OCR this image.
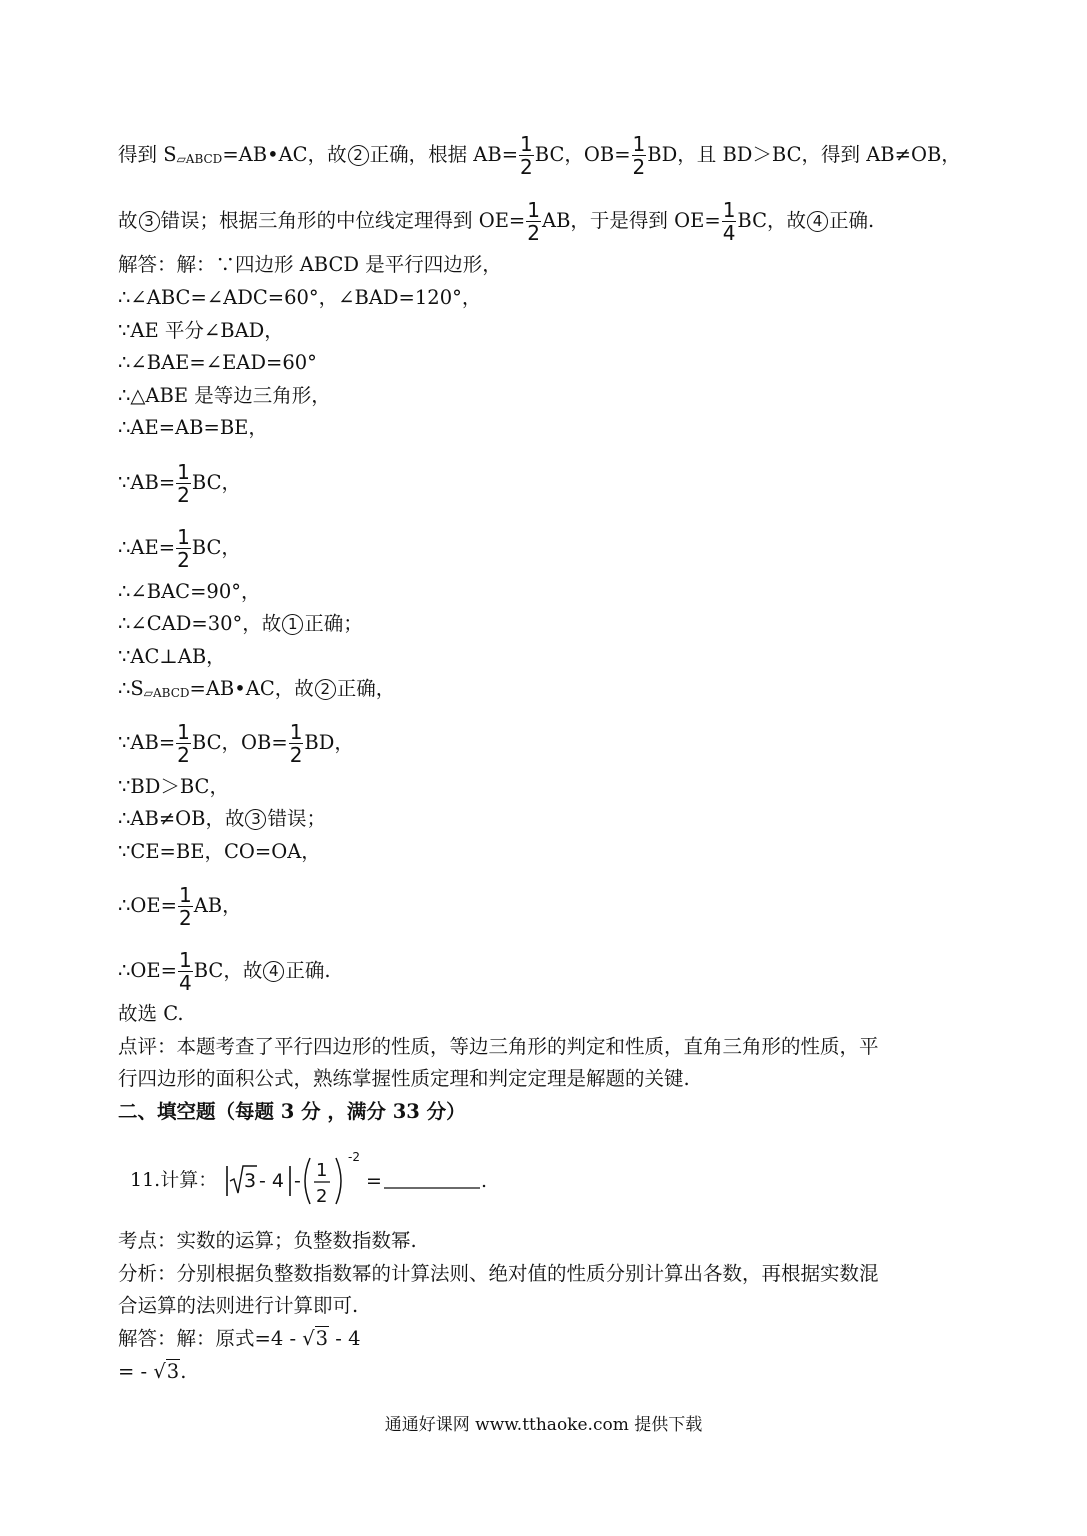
得到 $S_{▱ABCD}=AB•AC$，故 2 正确，根据 $AB= \frac{1}{2}$ BC，$OB= \frac{1}{2}$ BD，且 BD＞BC，得到 AB≠OB，
故 3 错误；根据三角形的中位线定理得到 $OE= \frac{1}{2}$ AB，于是得到 $OE= \frac{1}{4}$ BC，故 4 正确.
解答：解：∵四边形 ABCD 是平行四边形，
∴∠ABC=∠ADC=60°，∠BAD=120°，
∵AE 平分∠BAD，
∴∠BAE=∠EAD=60°
∴△ABE 是等边三角形，
∴AE=AB=BE，
∵AB= $\frac{1}{2}$ BC，
∴AE= $\frac{1}{2}$ BC，
∴∠BAC=90°，
∴∠CAD=30°，故 1 正确；
∵AC⊥AB，
$\therefore S_{▱ABCD}=AB•AC$，故 2 正确，
∵AB= $\frac{1}{2}$ BC，$OB= \frac{1}{2}$ BD，
∵BD＞BC，
∴AB≠OB，故 3 错误；
∵CE=BE，CO=OA，
∴OE= $\frac{1}{2}$ AB，
∴OE= $\frac{1}{4}$ BC，故 4 正确.
故选 C.
点评：本题考查了平行四边形的性质，等边三角形的判定和性质，直角三角形的性质，平
行四边形的面积公式，熟练掌握性质定理和判定定理是解题的关键.
二、填空题（每题 3 分 ，满分 33 分）
11.计算： 3 - 4 - 1
2
-2
=	.
考点：实数的运算；负整数指数幂.
分析：分别根据负整数指数幂的计算法则、绝对值的性质分别计算出各数，再根据实数混
合运算的法则进行计算即可.
解答：解：原式=4 - √3 - 4
= - √3.
通通好课网 www.tthaoke.com 提供下载
